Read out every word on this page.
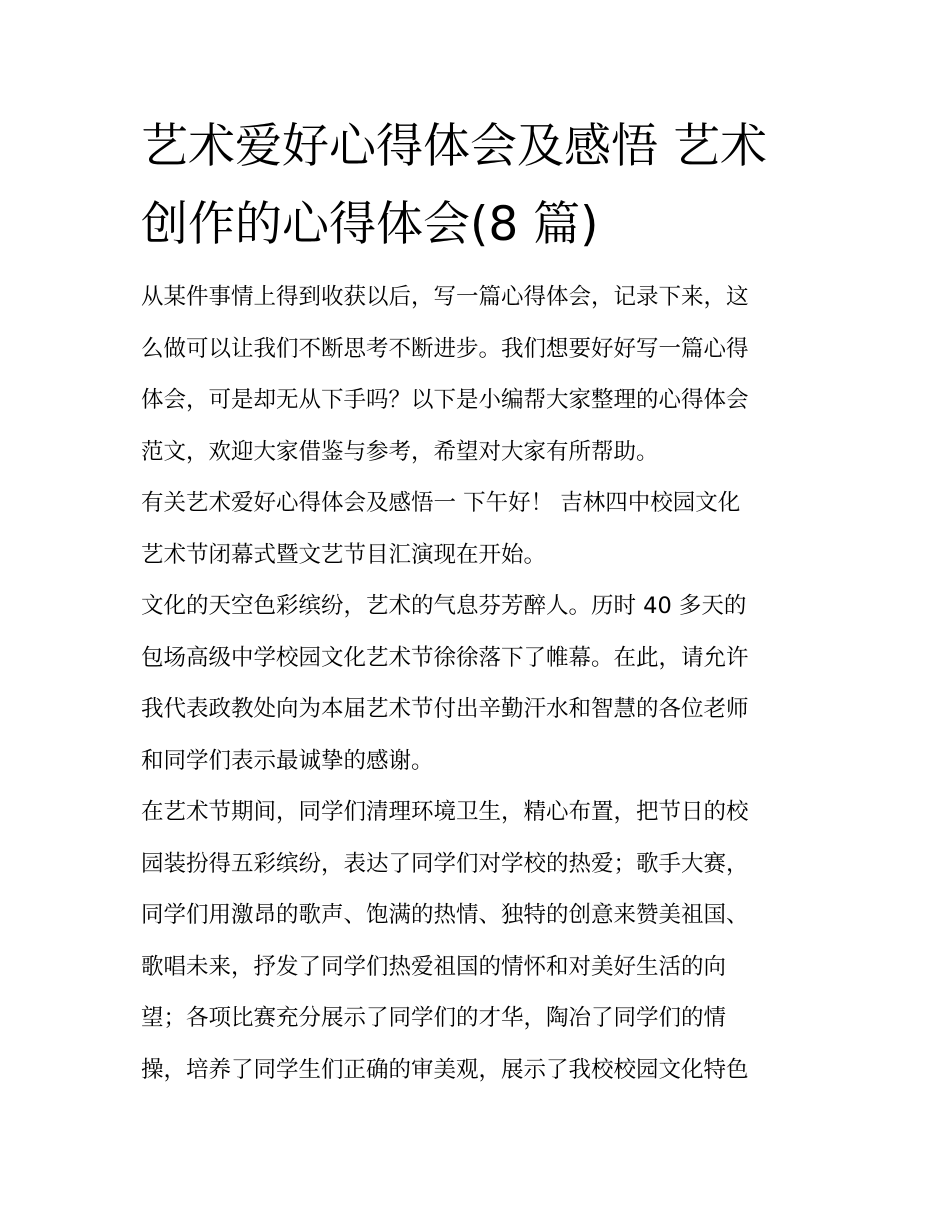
艺术爱好心得体会及感悟 艺术
创作的心得体会(8 篇)

从某件事情上得到收获以后，写一篇心得体会，记录下来，这
么做可以让我们不断思考不断进步。我们想要好好写一篇心得
体会，可是却无从下手吗？以下是小编帮大家整理的心得体会
范文，欢迎大家借鉴与参考，希望对大家有所帮助。

有关艺术爱好心得体会及感悟一 下午好！ 吉林四中校园文化
艺术节闭幕式暨文艺节目汇演现在开始。

文化的天空色彩缤纷，艺术的气息芬芳醉人。历时 40 多天的
包场高级中学校园文化艺术节徐徐落下了帷幕。在此，请允许
我代表政教处向为本届艺术节付出辛勤汗水和智慧的各位老师
和同学们表示最诚挚的感谢。

在艺术节期间，同学们清理环境卫生，精心布置，把节日的校
园装扮得五彩缤纷，表达了同学们对学校的热爱；歌手大赛，
同学们用激昂的歌声、饱满的热情、独特的创意来赞美祖国、
歌唱未来，抒发了同学们热爱祖国的情怀和对美好生活的向
望；各项比赛充分展示了同学们的才华，陶冶了同学们的情
操，培养了同学生们正确的审美观，展示了我校校园文化特色
